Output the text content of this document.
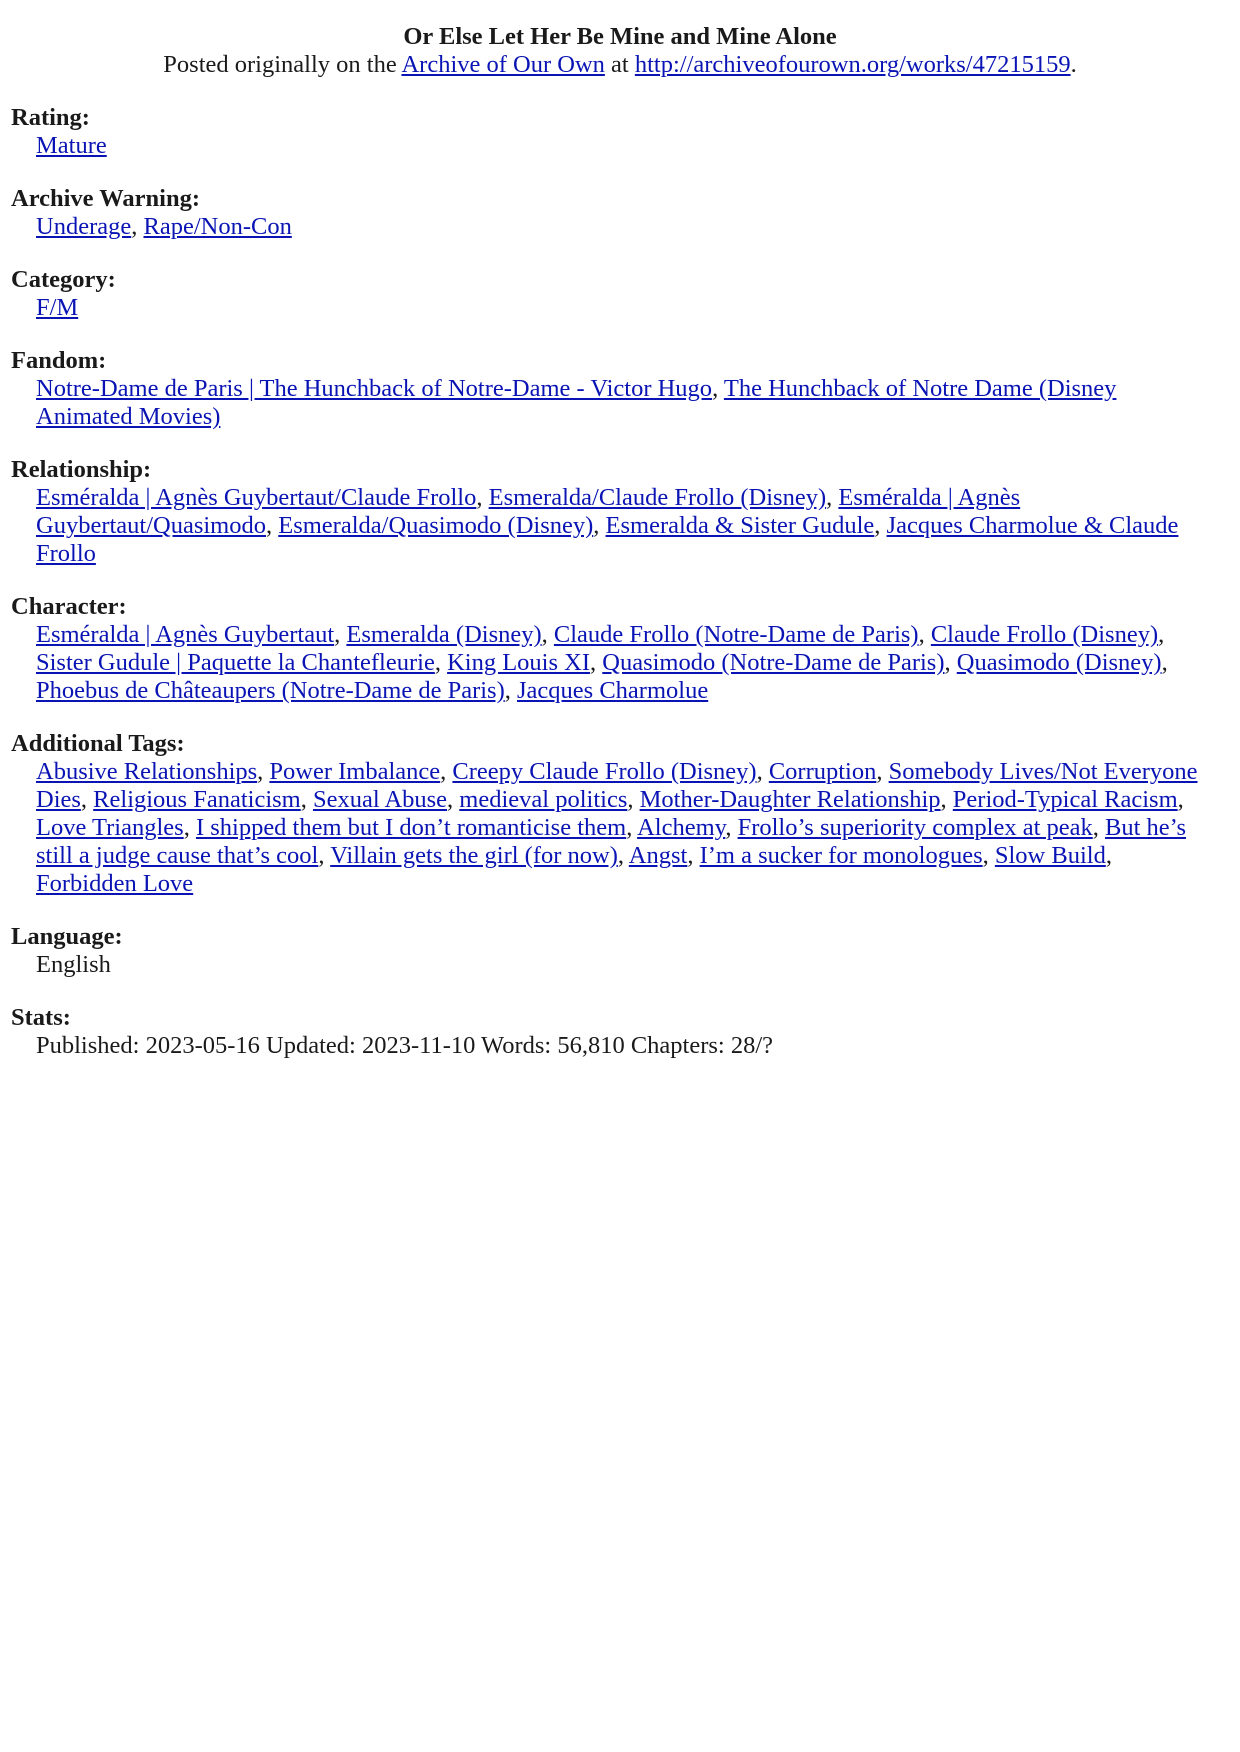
Or Else Let Her Be Mine and Mine Alone
Posted originally on the Archive of Our Own at http://archiveofourown.org/works/47215159.
Rating:
Mature
Archive Warning:
Underage, Rape/Non-Con
Category:
F/M
Fandom:
Notre-Dame de Paris | The Hunchback of Notre-Dame - Victor Hugo, The Hunchback of Notre Dame (Disney Animated Movies)
Relationship:
Esméralda | Agnès Guybertaut/Claude Frollo, Esmeralda/Claude Frollo (Disney), Esméralda | Agnès Guybertaut/Quasimodo, Esmeralda/Quasimodo (Disney), Esmeralda & Sister Gudule, Jacques Charmolue & Claude Frollo
Character:
Esméralda | Agnès Guybertaut, Esmeralda (Disney), Claude Frollo (Notre-Dame de Paris), Claude Frollo (Disney), Sister Gudule | Paquette la Chantefleurie, King Louis XI, Quasimodo (Notre-Dame de Paris), Quasimodo (Disney), Phoebus de Châteaupers (Notre-Dame de Paris), Jacques Charmolue
Additional Tags:
Abusive Relationships, Power Imbalance, Creepy Claude Frollo (Disney), Corruption, Somebody Lives/Not Everyone Dies, Religious Fanaticism, Sexual Abuse, medieval politics, Mother-Daughter Relationship, Period-Typical Racism, Love Triangles, I shipped them but I don’t romanticise them, Alchemy, Frollo’s superiority complex at peak, But he’s still a judge cause that’s cool, Villain gets the girl (for now), Angst, I’m a sucker for monologues, Slow Build, Forbidden Love
Language:
English
Stats:
Published: 2023-05-16 Updated: 2023-11-10 Words: 56,810 Chapters: 28/?
